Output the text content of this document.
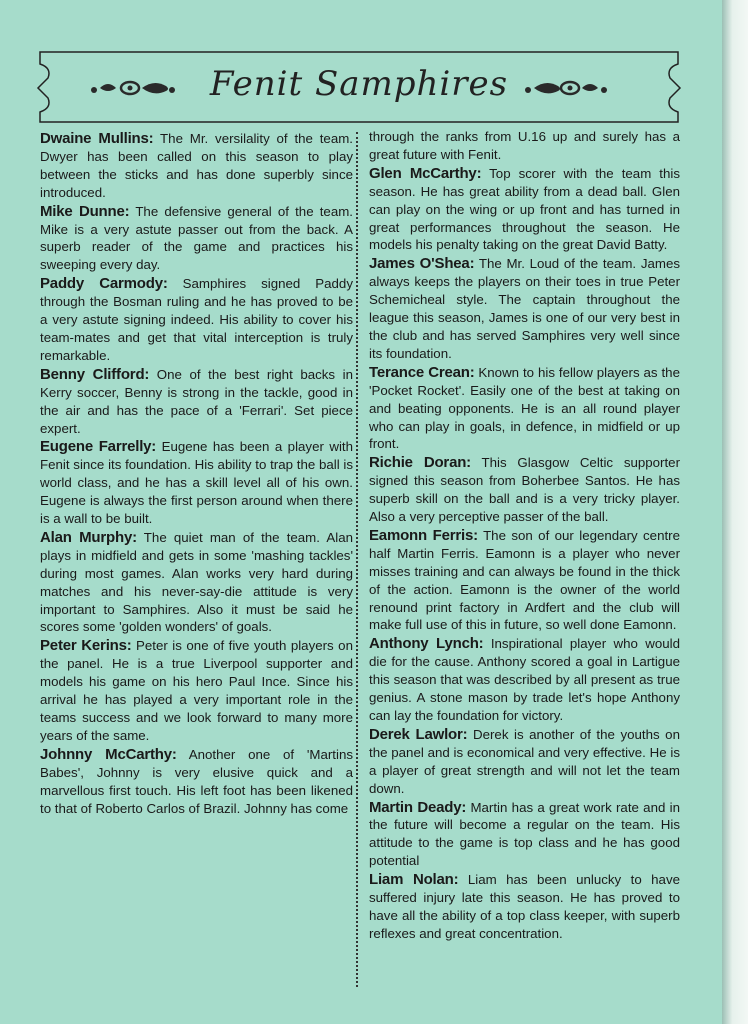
Fenit Samphires

Dwaine Mullins: The Mr. versilality of the team. Dwyer has been called on this season to play between the sticks and has done superbly since introduced.

Mike Dunne: The defensive general of the team. Mike is a very astute passer out from the back. A superb reader of the game and practices his sweeping every day.

Paddy Carmody: Samphires signed Paddy through the Bosman ruling and he has proved to be a very astute signing indeed. His ability to cover his team-mates and get that vital interception is truly remarkable.

Benny Clifford: One of the best right backs in Kerry soccer, Benny is strong in the tackle, good in the air and has the pace of a 'Ferrari'. Set piece expert.

Eugene Farrelly: Eugene has been a player with Fenit since its foundation. His ability to trap the ball is world class, and he has a skill level all of his own. Eugene is always the first person around when there is a wall to be built.

Alan Murphy: The quiet man of the team. Alan plays in midfield and gets in some 'mashing tackles' during most games. Alan works very hard during matches and his never-say-die attitude is very important to Samphires. Also it must be said he scores some 'golden wonders' of goals.

Peter Kerins: Peter is one of five youth players on the panel. He is a true Liverpool supporter and models his game on his hero Paul Ince. Since his arrival he has played a very important role in the teams success and we look forward to many more years of the same.

Johnny McCarthy: Another one of 'Martins Babes', Johnny is very elusive quick and a marvellous first touch. His left foot has been likened to that of Roberto Carlos of Brazil. Johnny has come

through the ranks from U.16 up and surely has a great future with Fenit.

Glen McCarthy: Top scorer with the team this season. He has great ability from a dead ball. Glen can play on the wing or up front and has turned in great performances throughout the season. He models his penalty taking on the great David Batty.

James O'Shea: The Mr. Loud of the team. James always keeps the players on their toes in true Peter Schemicheal style. The captain throughout the league this season, James is one of our very best in the club and has served Samphires very well since its foundation.

Terance Crean: Known to his fellow players as the 'Pocket Rocket'. Easily one of the best at taking on and beating opponents. He is an all round player who can play in goals, in defence, in midfield or up front.

Richie Doran: This Glasgow Celtic supporter signed this season from Boherbee Santos. He has superb skill on the ball and is a very tricky player. Also a very perceptive passer of the ball.

Eamonn Ferris: The son of our legendary centre half Martin Ferris. Eamonn is a player who never misses training and can always be found in the thick of the action. Eamonn is the owner of the world renound print factory in Ardfert and the club will make full use of this in future, so well done Eamonn.

Anthony Lynch: Inspirational player who would die for the cause. Anthony scored a goal in Lartigue this season that was described by all present as true genius. A stone mason by trade let's hope Anthony can lay the foundation for victory.

Derek Lawlor: Derek is another of the youths on the panel and is economical and very effective. He is a player of great strength and will not let the team down.

Martin Deady: Martin has a great work rate and in the future will become a regular on the team. His attitude to the game is top class and he has good potential

Liam Nolan: Liam has been unlucky to have suffered injury late this season. He has proved to have all the ability of a top class keeper, with superb reflexes and great concentration.
